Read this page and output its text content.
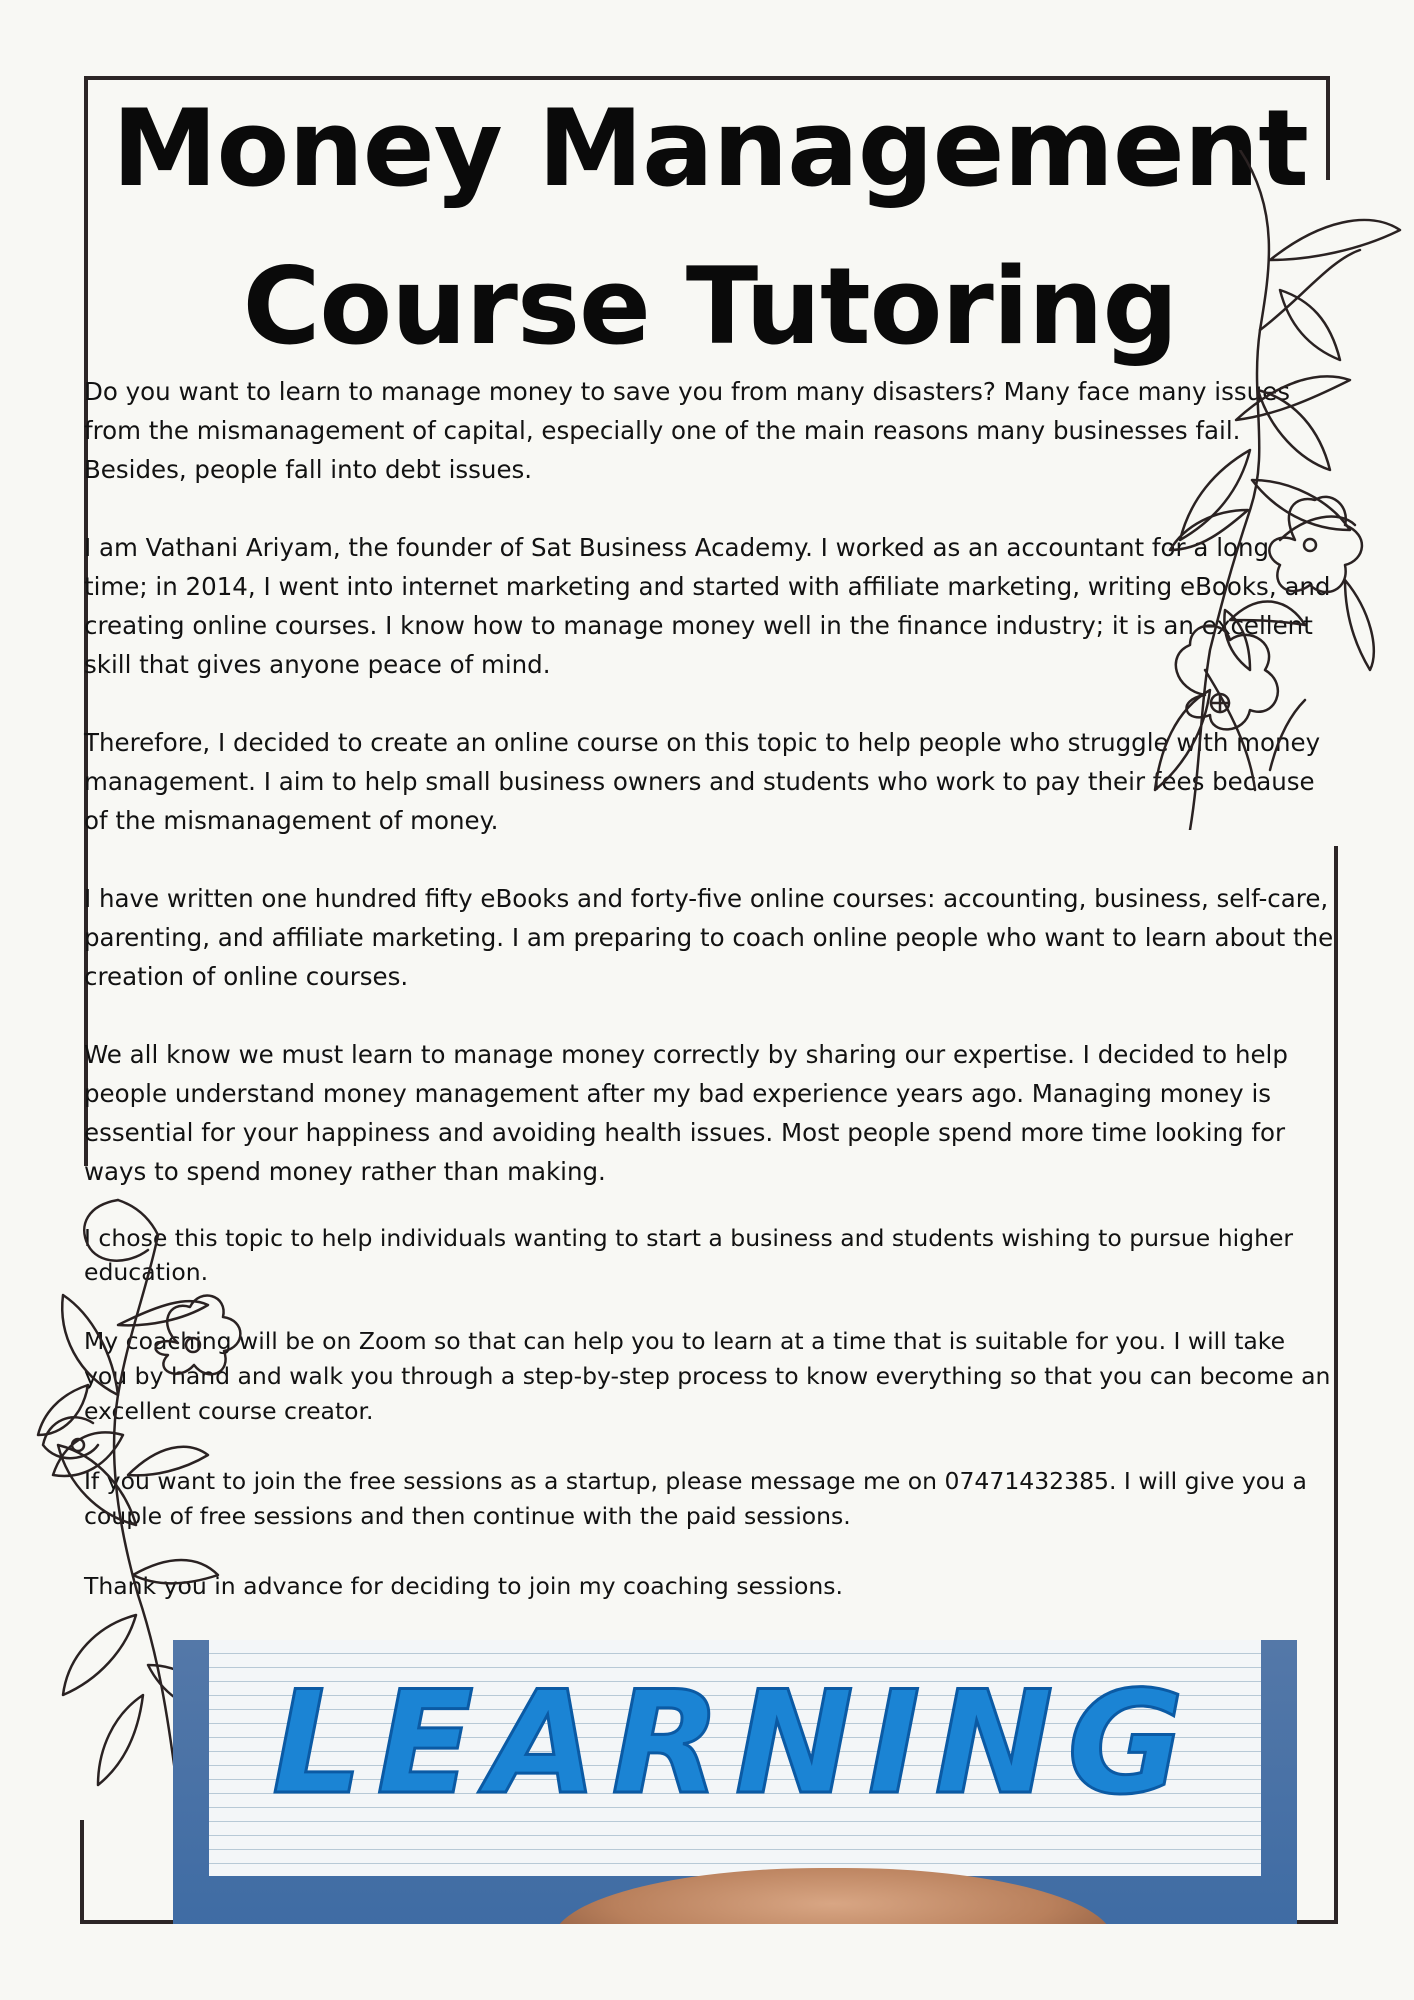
Money Management
Course Tutoring

Do you want to learn to manage money to save you from many disasters? Many face many issues from the mismanagement of capital, especially one of the main reasons many businesses fail. Besides, people fall into debt issues.

I am Vathani Ariyam, the founder of Sat Business Academy. I worked as an accountant for a long time; in 2014, I went into internet marketing and started with affiliate marketing, writing eBooks, and creating online courses. I know how to manage money well in the finance industry; it is an excellent skill that gives anyone peace of mind.

Therefore, I decided to create an online course on this topic to help people who struggle with money management. I aim to help small business owners and students who work to pay their fees because of the mismanagement of money.

I have written one hundred fifty eBooks and forty-five online courses: accounting, business, self-care, parenting, and affiliate marketing. I am preparing to coach online people who want to learn about the creation of online courses.

We all know we must learn to manage money correctly by sharing our expertise. I decided to help people understand money management after my bad experience years ago. Managing money is essential for your happiness and avoiding health issues. Most people spend more time looking for ways to spend money rather than making.

I chose this topic to help individuals wanting to start a business and students wishing to pursue higher education.

My coaching will be on Zoom so that can help you to learn at a time that is suitable for you. I will take you by hand and walk you through a step-by-step process to know everything so that you can become an excellent course creator.

If you want to join the free sessions as a startup, please message me on 07471432385. I will give you a couple of free sessions and then continue with the paid sessions.

Thank you in advance for deciding to join my coaching sessions.

LEARNING
